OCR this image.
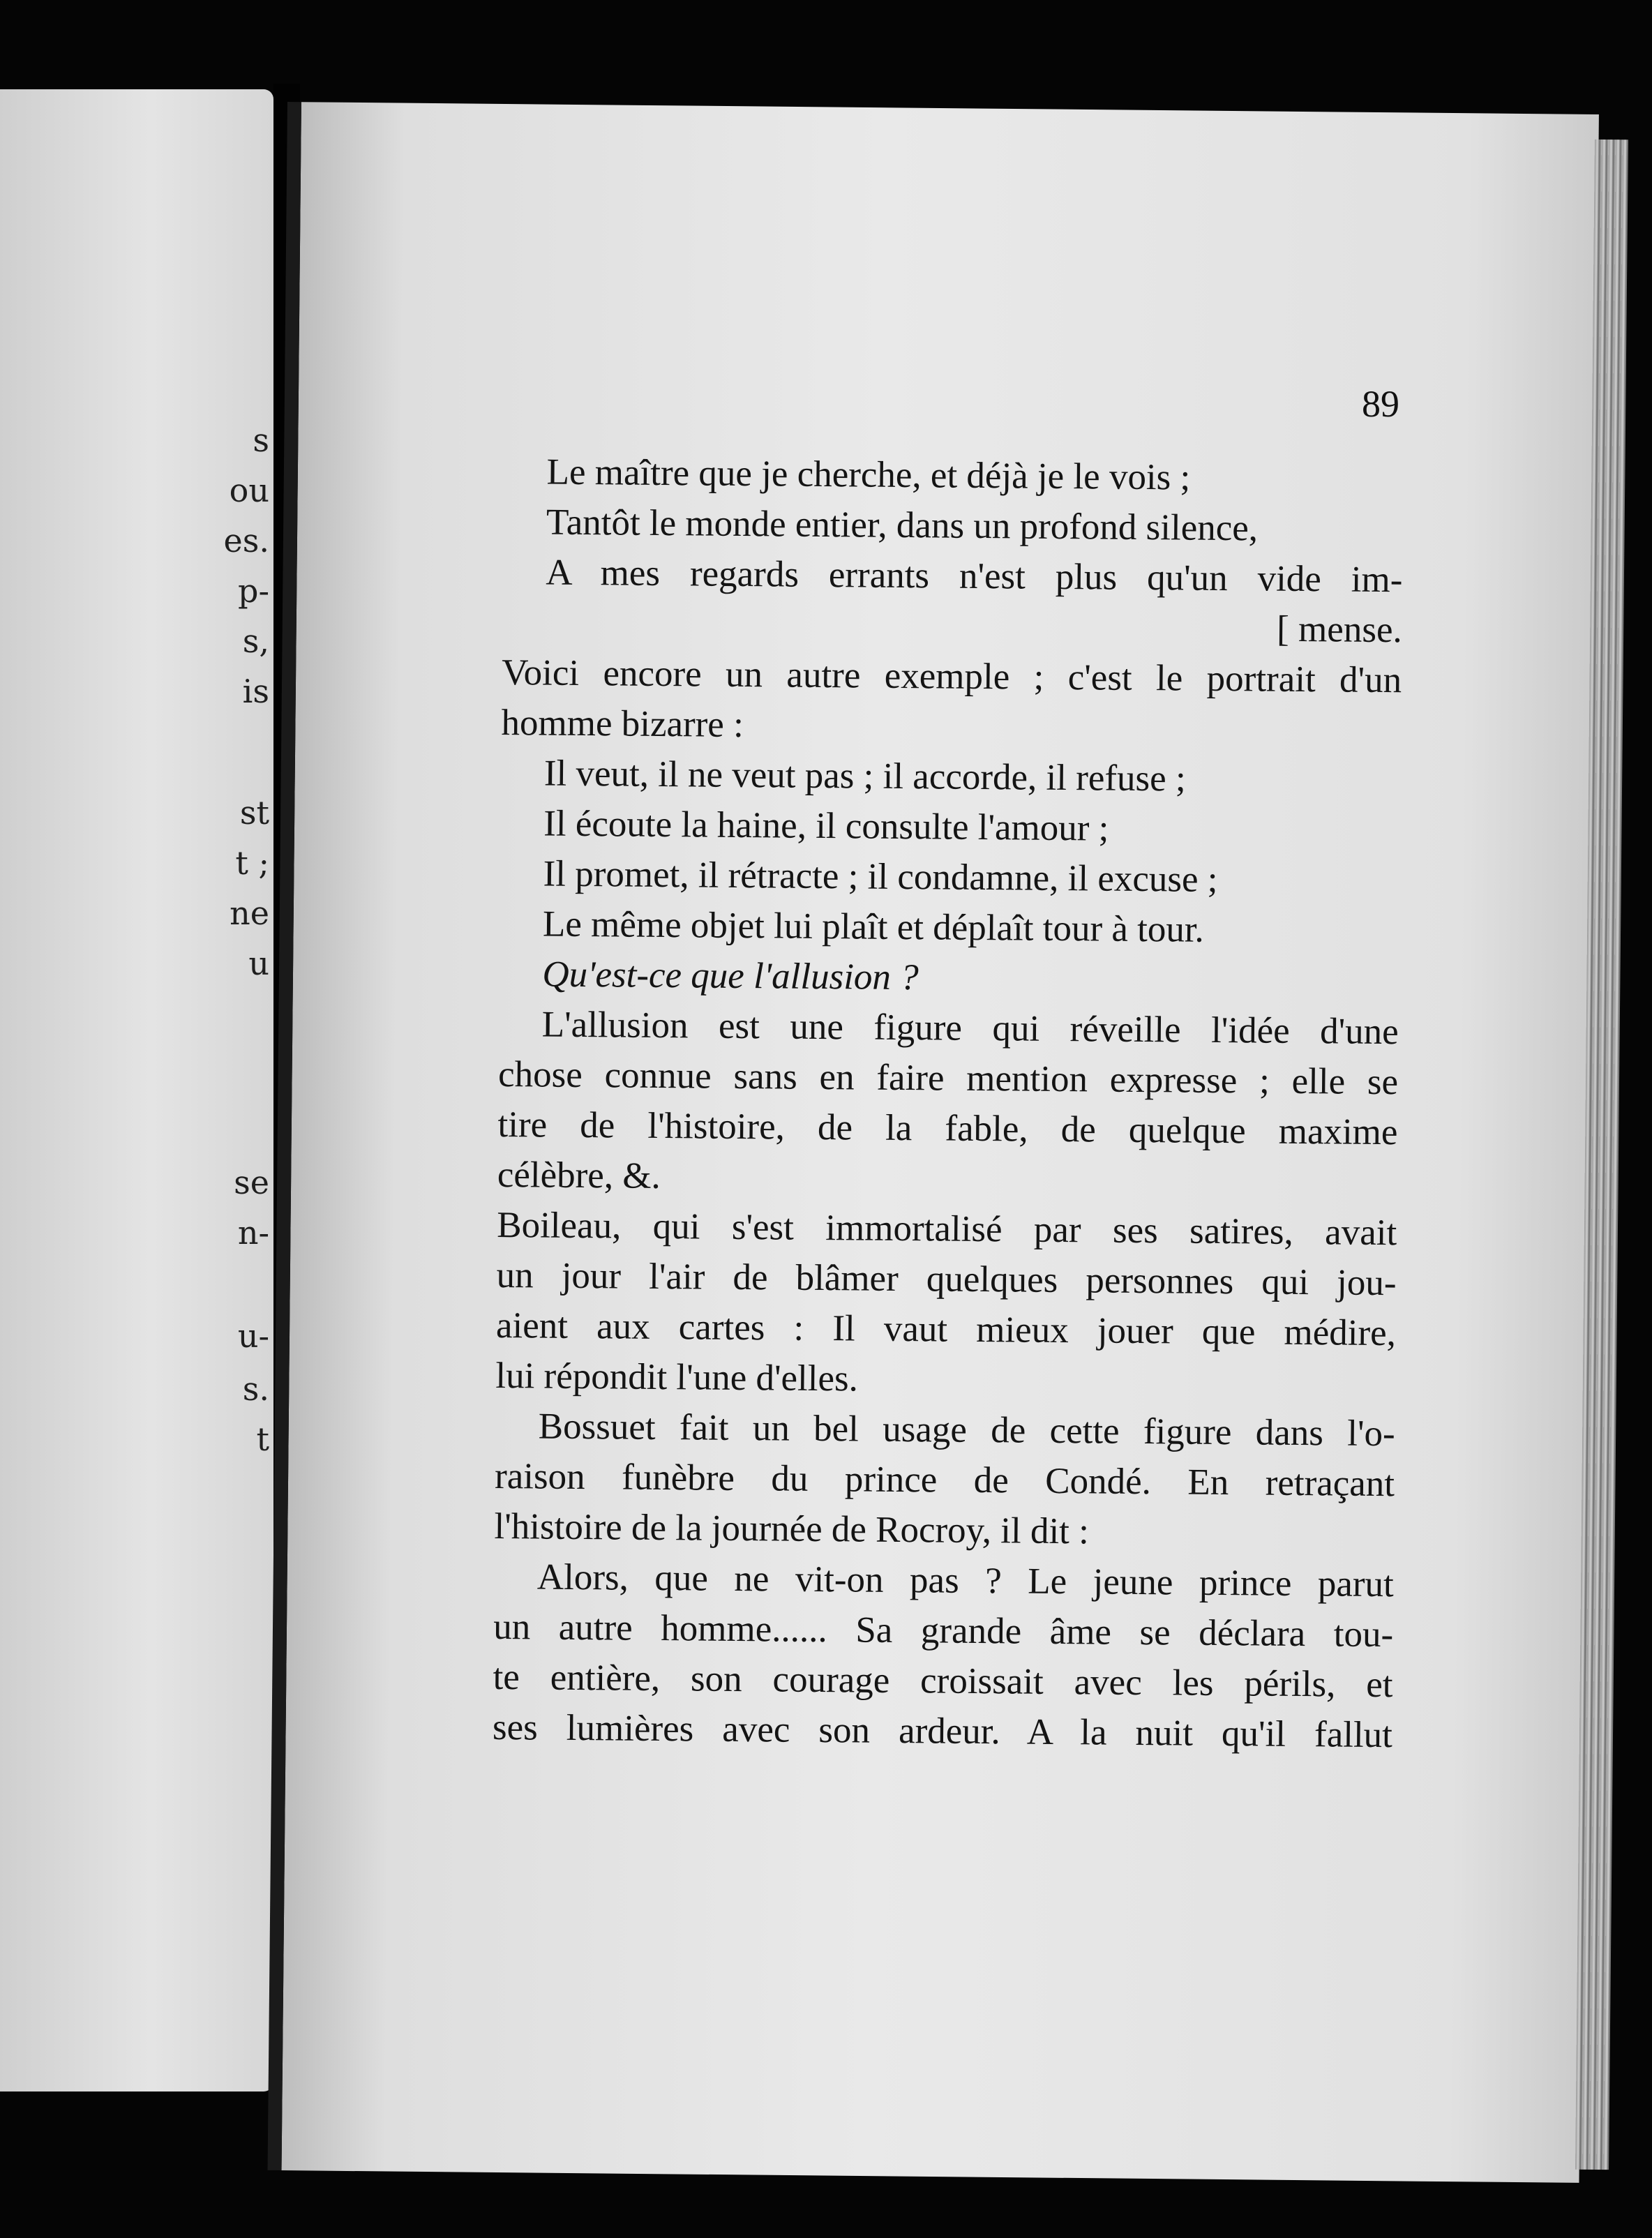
s
ou
es.
p-
s,
is
st
t ;
ne
u
se
n-
u-
s.
t
89
Le maître que je cherche, et déjà je le vois ;
Tantôt le monde entier, dans un profond silence,
A mes regards errants n'est plus qu'un vide im-
[ mense.
Voici encore un autre exemple ; c'est le portrait d'un
homme bizarre :
Il veut, il ne veut pas ; il accorde, il refuse ;
Il écoute la haine, il consulte l'amour ;
Il promet, il rétracte ; il condamne, il excuse ;
Le même objet lui plaît et déplaît tour à tour.
Qu'est-ce que l'allusion ?
L'allusion est une figure qui réveille l'idée d'une
chose connue sans en faire mention expresse ; elle se
tire de l'histoire, de la fable, de quelque maxime
célèbre, &.
Boileau, qui s'est immortalisé par ses satires, avait
un jour l'air de blâmer quelques personnes qui jou-
aient aux cartes : Il vaut mieux jouer que médire,
lui répondit l'une d'elles.
Bossuet fait un bel usage de cette figure dans l'o-
raison funèbre du prince de Condé. En retraçant
l'histoire de la journée de Rocroy, il dit :
Alors, que ne vit-on pas ? Le jeune prince parut
un autre homme...... Sa grande âme se déclara tou-
te entière, son courage croissait avec les périls, et
ses lumières avec son ardeur. A la nuit qu'il fallut
